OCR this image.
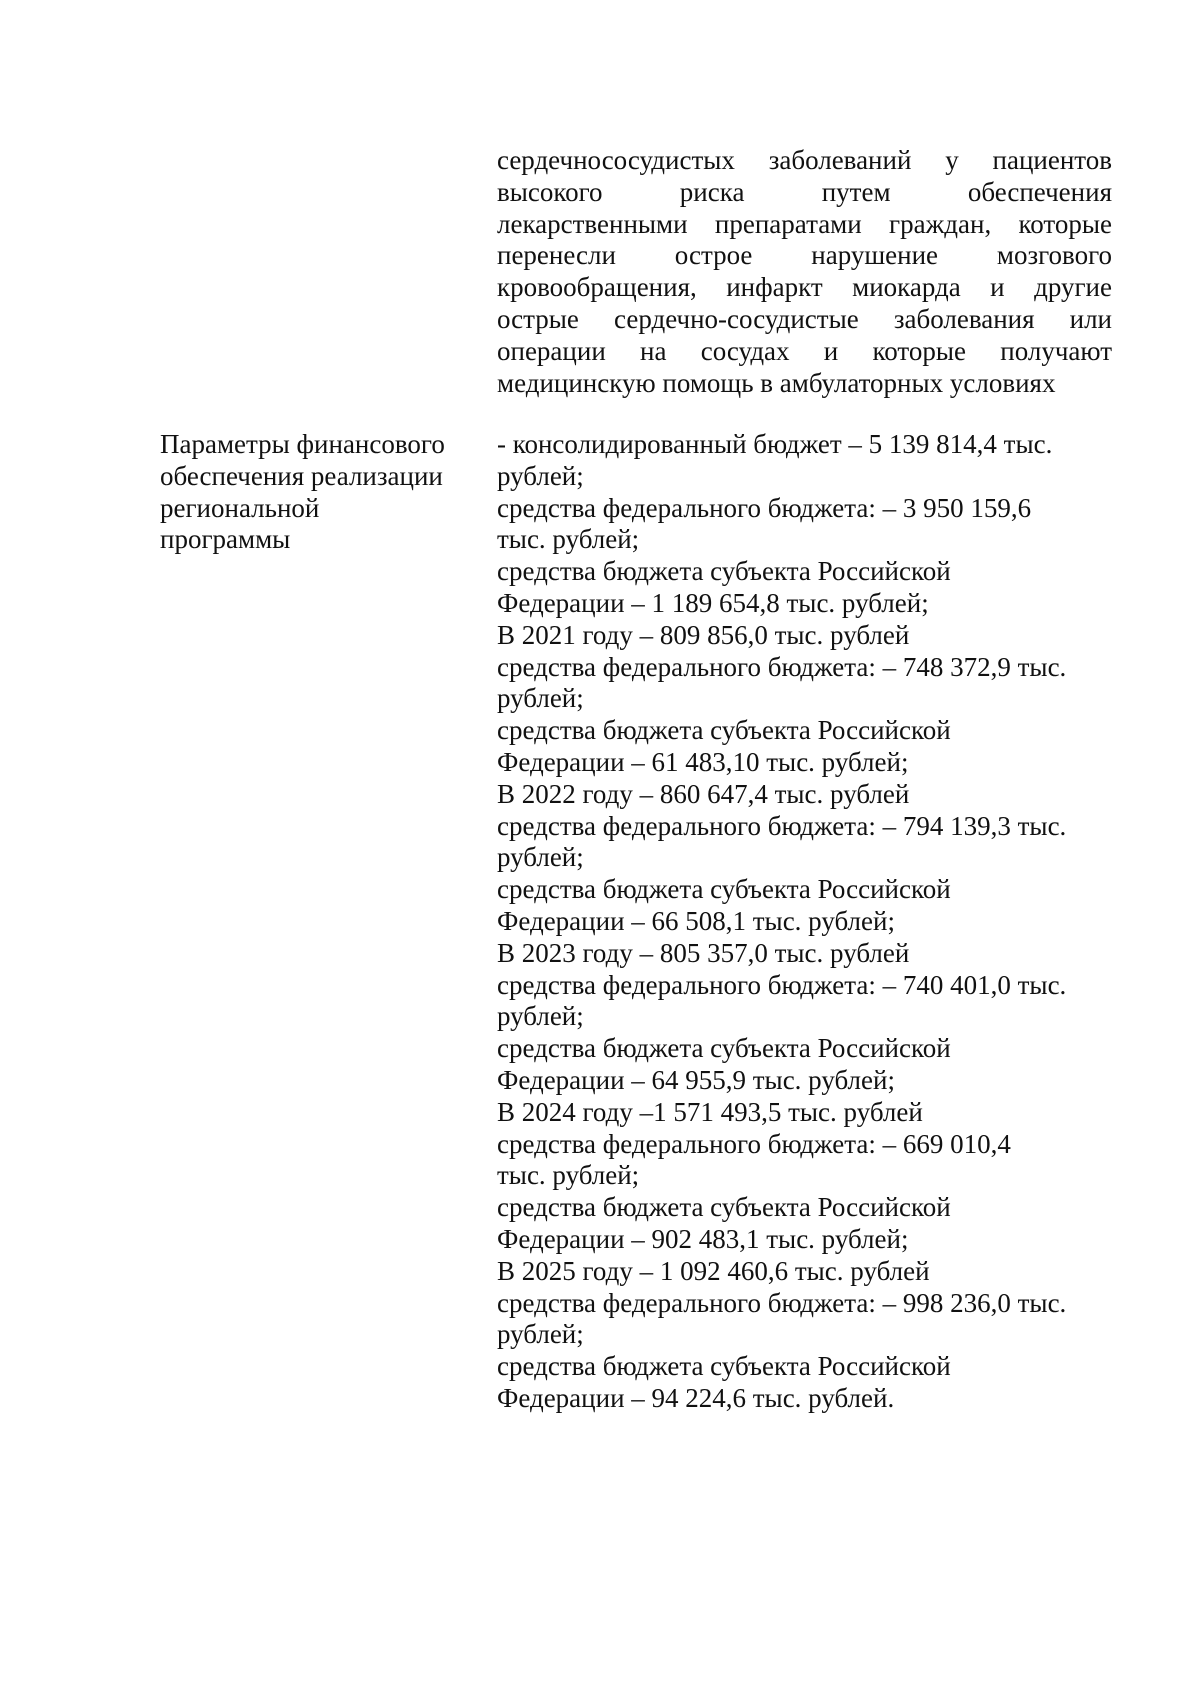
сердечнососудистых заболеваний у пациентов
высокого риска путем обеспечения
лекарственными препаратами граждан, которые
перенесли острое нарушение мозгового
кровообращения, инфаркт миокарда и другие
острые сердечно-сосудистые заболевания или
операции на сосудах и которые получают
медицинскую помощь в амбулаторных условиях
Параметры финансового
обеспечения реализации
региональной
программы
- консолидированный бюджет – 5 139 814,4 тыс.
рублей;
средства федерального бюджета: – 3 950 159,6
тыс. рублей;
средства бюджета субъекта Российской
Федерации – 1 189 654,8 тыс. рублей;
В 2021 году – 809 856,0 тыс. рублей
средства федерального бюджета: – 748 372,9 тыс.
рублей;
средства бюджета субъекта Российской
Федерации – 61 483,10 тыс. рублей;
В 2022 году – 860 647,4 тыс. рублей
средства федерального бюджета: – 794 139,3 тыс.
рублей;
средства бюджета субъекта Российской
Федерации – 66 508,1 тыс. рублей;
В 2023 году – 805 357,0 тыс. рублей
средства федерального бюджета: – 740 401,0 тыс.
рублей;
средства бюджета субъекта Российской
Федерации – 64 955,9 тыс. рублей;
В 2024 году –1 571 493,5 тыс. рублей
средства федерального бюджета: – 669 010,4
тыс. рублей;
средства бюджета субъекта Российской
Федерации – 902 483,1 тыс. рублей;
В 2025 году – 1 092 460,6 тыс. рублей
средства федерального бюджета: – 998 236,0 тыс.
рублей;
средства бюджета субъекта Российской
Федерации – 94 224,6 тыс. рублей.
